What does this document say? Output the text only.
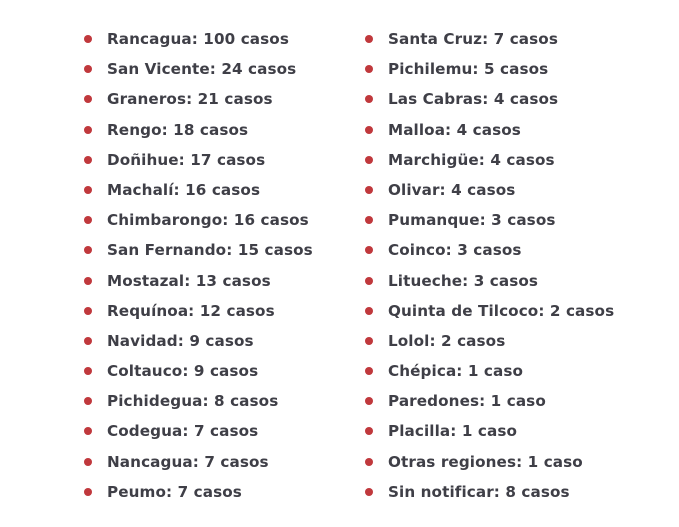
Rancagua: 100 casos
San Vicente: 24 casos
Graneros: 21 casos
Rengo: 18 casos
Doñihue: 17 casos
Machalí: 16 casos
Chimbarongo: 16 casos
San Fernando: 15 casos
Mostazal: 13 casos
Requínoa: 12 casos
Navidad: 9 casos
Coltauco: 9 casos
Pichidegua: 8 casos
Codegua: 7 casos
Nancagua: 7 casos
Peumo: 7 casos
Santa Cruz: 7 casos
Pichilemu: 5 casos
Las Cabras: 4 casos
Malloa: 4 casos
Marchigüe: 4 casos
Olivar: 4 casos
Pumanque: 3 casos
Coinco: 3 casos
Litueche: 3 casos
Quinta de Tilcoco: 2 casos
Lolol: 2 casos
Chépica: 1 caso
Paredones: 1 caso
Placilla: 1 caso
Otras regiones: 1 caso
Sin notificar: 8 casos
